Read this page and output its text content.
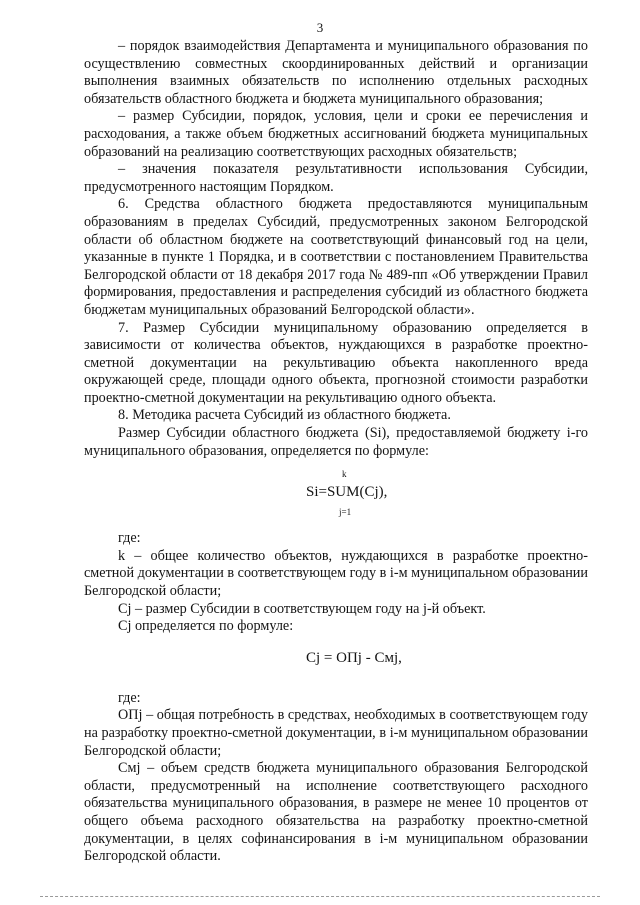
3

– порядок взаимодействия Департамента и муниципального образования по осуществлению совместных скоординированных действий и организации выполнения взаимных обязательств по исполнению отдельных расходных обязательств областного бюджета и бюджета муниципального образования;

– размер Субсидии, порядок, условия, цели и сроки ее перечисления и расходования, а также объем бюджетных ассигнований бюджета муниципальных образований на реализацию соответствующих расходных обязательств;

– значения показателя результативности использования Субсидии, предусмотренного настоящим Порядком.

6. Средства областного бюджета предоставляются муниципальным образованиям в пределах Субсидий, предусмотренных законом Белгородской области об областном бюджете на соответствующий финансовый год на цели, указанные в пункте 1 Порядка, и в соответствии с постановлением Правительства Белгородской области от 18 декабря 2017 года № 489-пп «Об утверждении Правил формирования, предоставления и распределения субсидий из областного бюджета бюджетам муниципальных образований Белгородской области».

7. Размер Субсидии муниципальному образованию определяется в зависимости от количества объектов, нуждающихся в разработке проектно-сметной документации на рекультивацию объекта накопленного вреда окружающей среде, площади одного объекта, прогнозной стоимости разработки проектно-сметной документации на рекультивацию одного объекта.

8. Методика расчета Субсидий из областного бюджета.

Размер Субсидии областного бюджета (Si), предоставляемой бюджету i-го муниципального образования, определяется по формуле:

k
Si=SUM(Cj),
j=1

где:

k – общее количество объектов, нуждающихся в разработке проектно-сметной документации в соответствующем году в i-м муниципальном образовании Белгородской области;

Cj – размер Субсидии в соответствующем году на j-й объект.

Cj определяется по формуле:

Cj = ОПj - Смj,

где:

ОПj – общая потребность в средствах, необходимых в соответствующем году на разработку проектно-сметной документации, в i-м муниципальном образовании Белгородской области;

Смj – объем средств бюджета муниципального образования Белгородской области, предусмотренный на исполнение соответствующего расходного обязательства муниципального образования, в размере не менее 10 процентов от общего объема расходного обязательства на разработку проектно-сметной документации, в целях софинансирования в i-м муниципальном образовании Белгородской области.
